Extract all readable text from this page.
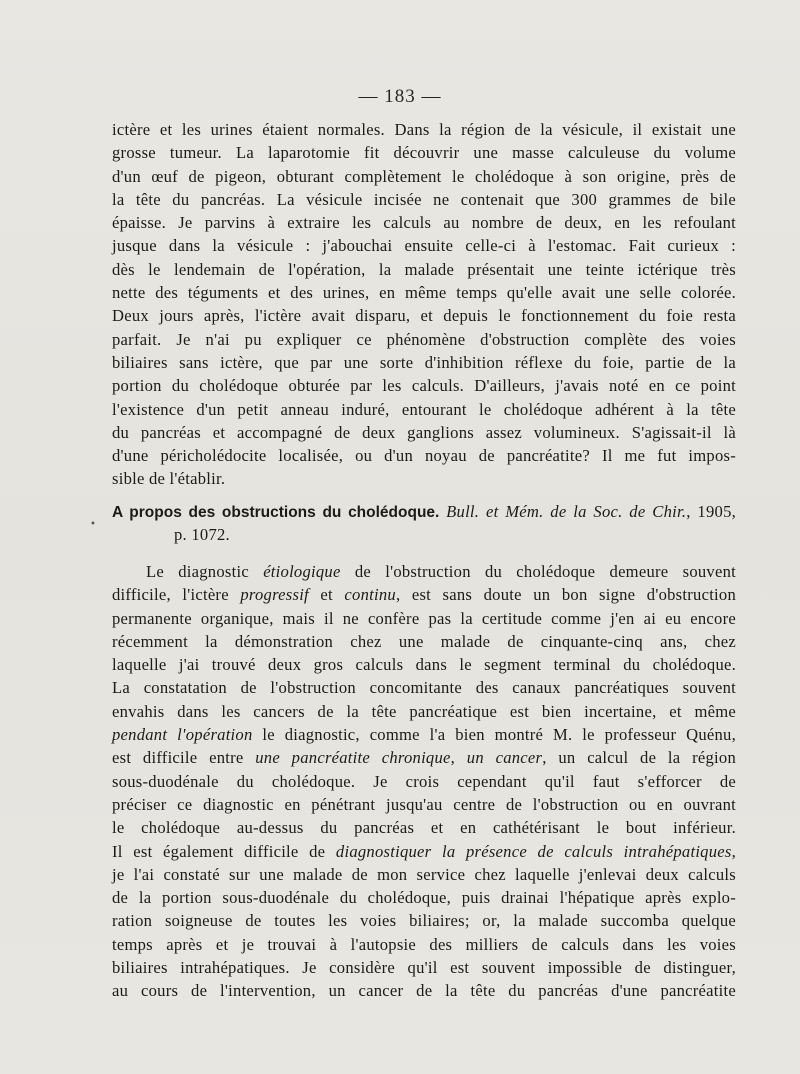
— 183 —
ictère et les urines étaient normales. Dans la région de la vésicule, il existait une
grosse tumeur. La laparotomie fit découvrir une masse calculeuse du volume
d'un œuf de pigeon, obturant complètement le cholédoque à son origine, près de
la tête du pancréas. La vésicule incisée ne contenait que 300 grammes de bile
épaisse. Je parvins à extraire les calculs au nombre de deux, en les refoulant
jusque dans la vésicule : j'abouchai ensuite celle-ci à l'estomac. Fait curieux :
dès le lendemain de l'opération, la malade présentait une teinte ictérique très
nette des téguments et des urines, en même temps qu'elle avait une selle colorée.
Deux jours après, l'ictère avait disparu, et depuis le fonctionnement du foie resta
parfait. Je n'ai pu expliquer ce phénomène d'obstruction complète des voies
biliaires sans ictère, que par une sorte d'inhibition réflexe du foie, partie de la
portion du cholédoque obturée par les calculs. D'ailleurs, j'avais noté en ce point
l'existence d'un petit anneau induré, entourant le cholédoque adhérent à la tête
du pancréas et accompagné de deux ganglions assez volumineux. S'agissait-il là
d'une péricholédocite localisée, ou d'un noyau de pancréatite? Il me fut impos-
sible de l'établir.
•
A propos des obstructions du cholédoque. Bull. et Mém. de la Soc. de Chir., 1905,
p. 1072.
Le diagnostic étiologique de l'obstruction du cholédoque demeure souvent
difficile, l'ictère progressif et continu, est sans doute un bon signe d'obstruction
permanente organique, mais il ne confère pas la certitude comme j'en ai eu encore
récemment la démonstration chez une malade de cinquante-cinq ans, chez
laquelle j'ai trouvé deux gros calculs dans le segment terminal du cholédoque.
La constatation de l'obstruction concomitante des canaux pancréatiques souvent
envahis dans les cancers de la tête pancréatique est bien incertaine, et même
pendant l'opération le diagnostic, comme l'a bien montré M. le professeur Quénu,
est difficile entre une pancréatite chronique, un cancer, un calcul de la région
sous-duodénale du cholédoque. Je crois cependant qu'il faut s'efforcer de
préciser ce diagnostic en pénétrant jusqu'au centre de l'obstruction ou en ouvrant
le cholédoque au-dessus du pancréas et en cathétérisant le bout inférieur.
Il est également difficile de diagnostiquer la présence de calculs intrahépatiques,
je l'ai constaté sur une malade de mon service chez laquelle j'enlevai deux calculs
de la portion sous-duodénale du cholédoque, puis drainai l'hépatique après explo-
ration soigneuse de toutes les voies biliaires; or, la malade succomba quelque
temps après et je trouvai à l'autopsie des milliers de calculs dans les voies
biliaires intrahépatiques. Je considère qu'il est souvent impossible de distinguer,
au cours de l'intervention, un cancer de la tête du pancréas d'une pancréatite
